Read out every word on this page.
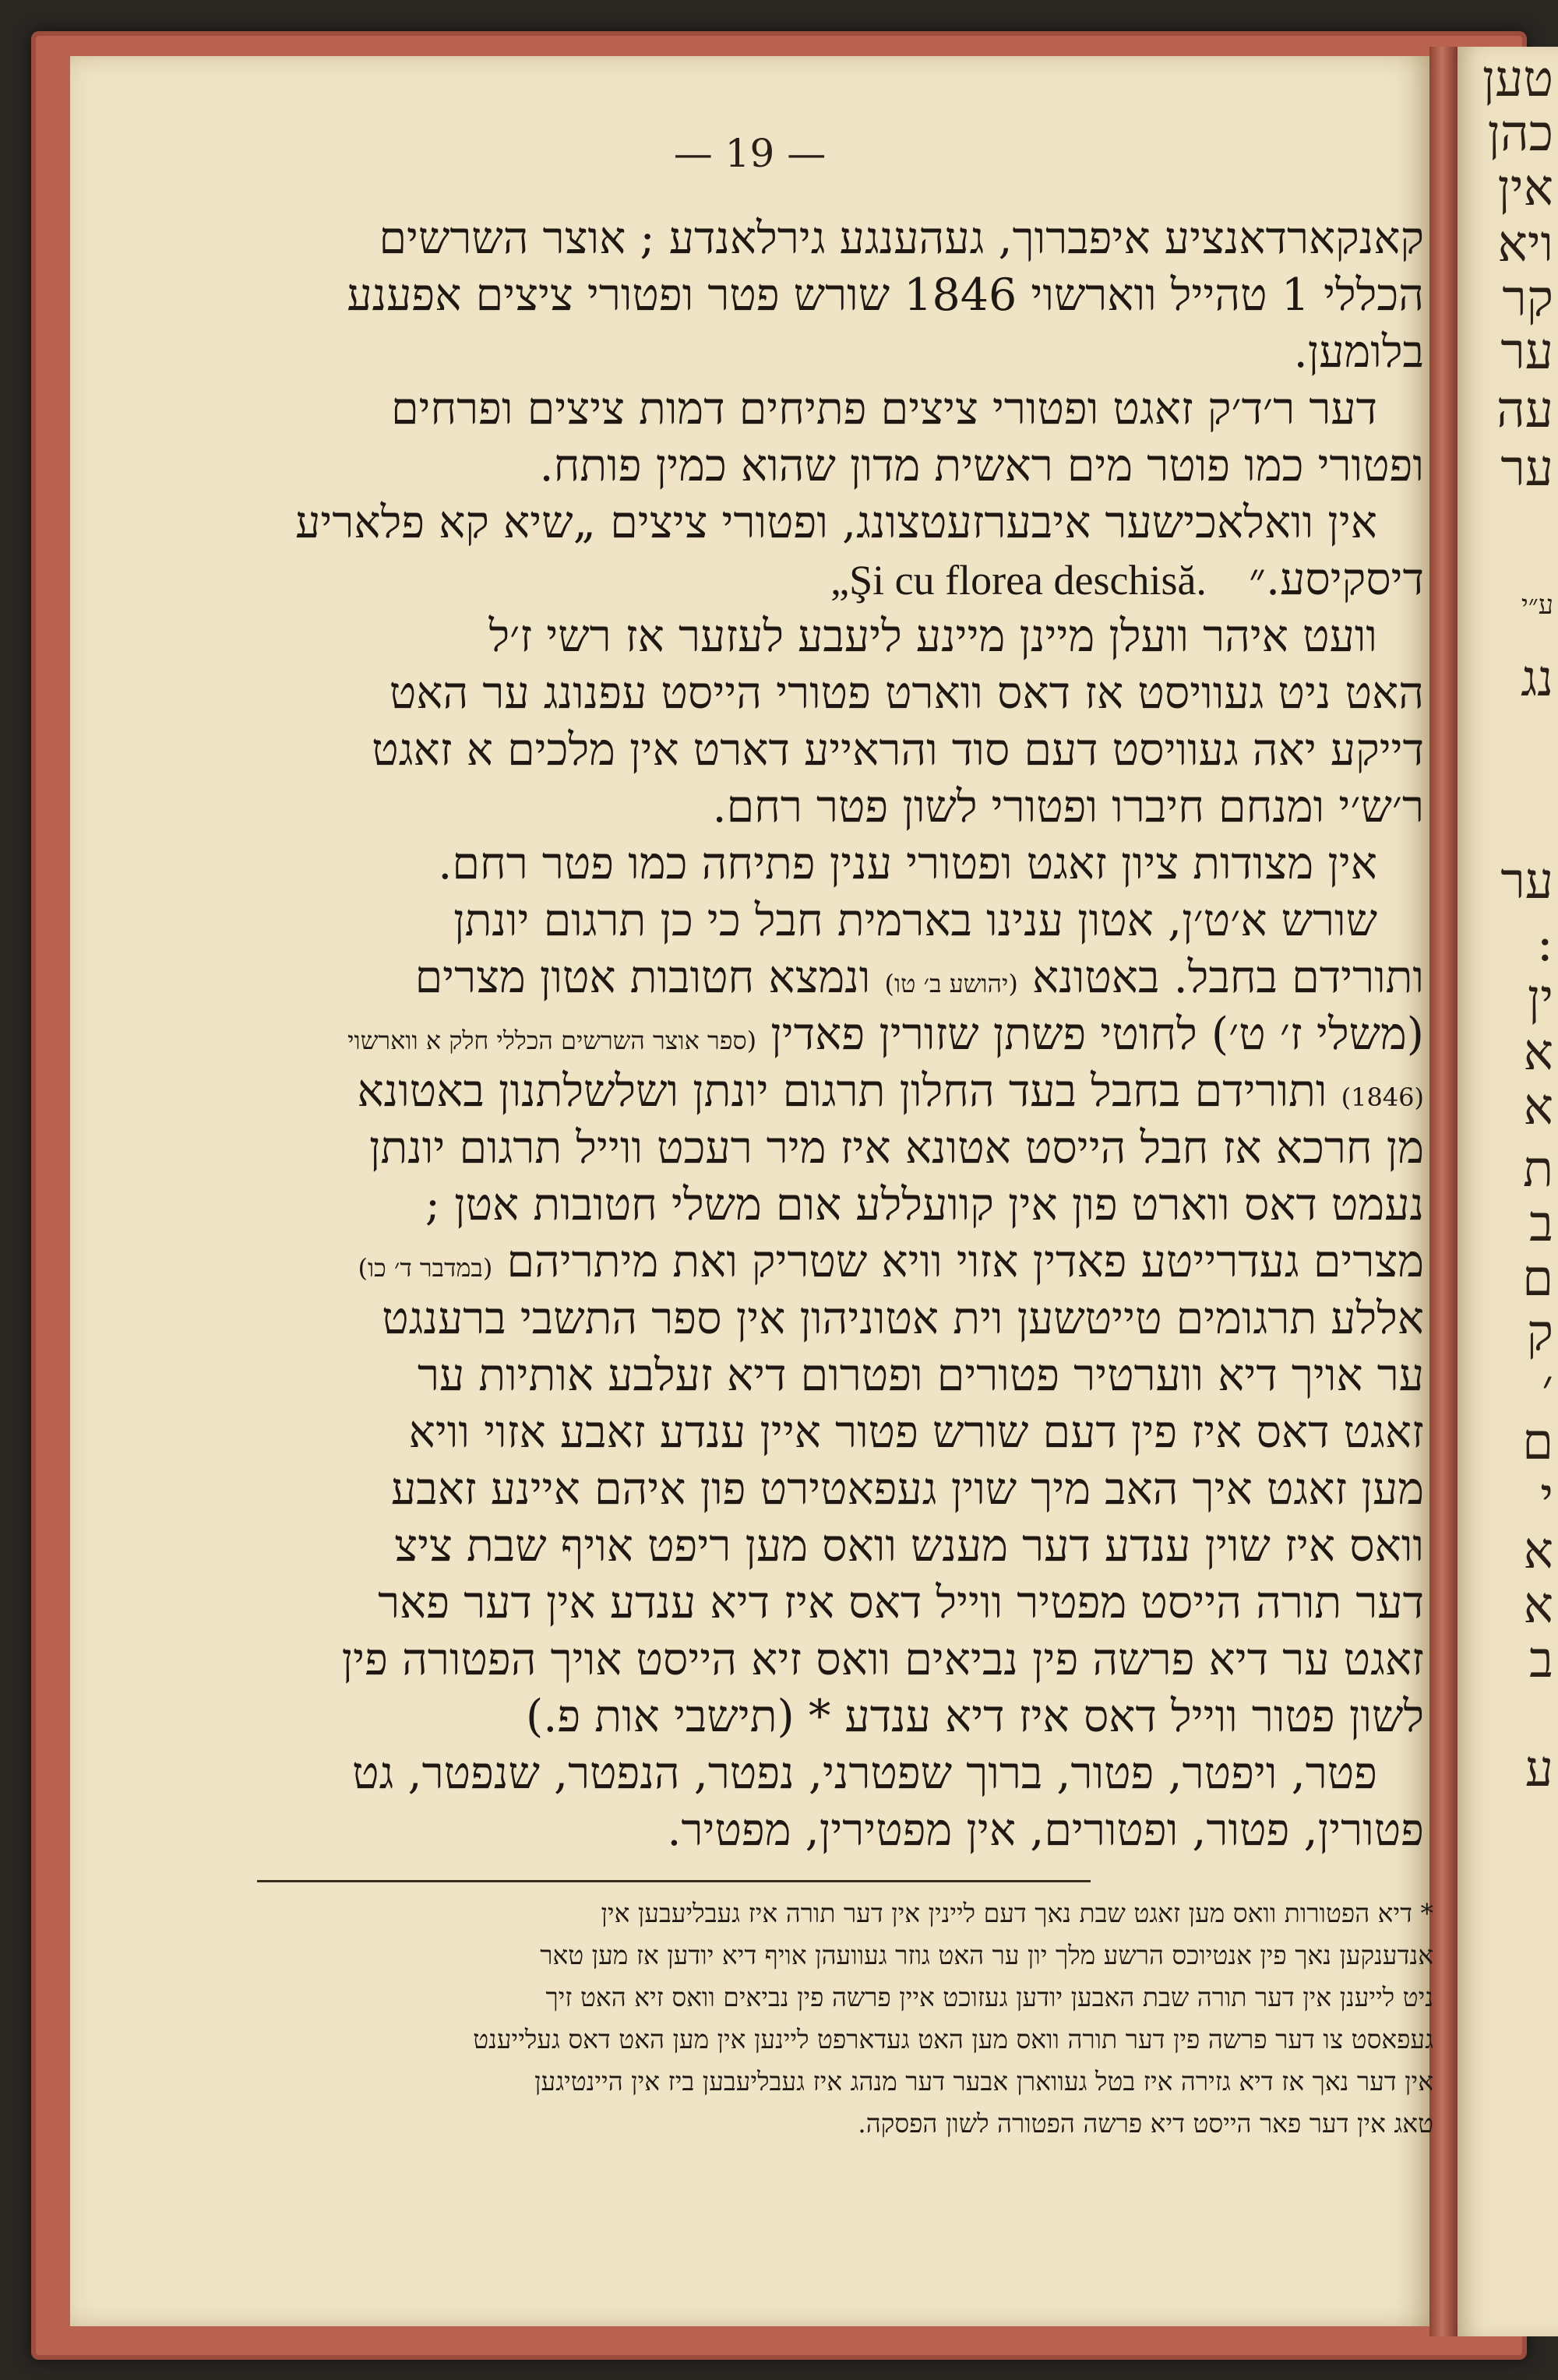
טען
כהן
אין
ויא
קר
ער
עה
ער
ע״י
נג
ער
:
ין
א
א
ת
ב
ם
ק
׳
ם
י
א
א
ב
ע
— 19 —
קאנקארדאנציע איפברוך, געהענגע גירלאנדע ; אוצר השרשים
הכללי 1 טהייל ווארשוי 1846 שורש פטר ופטורי ציצים אפענע
בלומען.
דער ר׳ד׳ק זאגט ופטורי ציצים פתיחים דמות ציצים ופרחים
ופטורי כמו פוטר מים ראשית מדון שהוא כמין פותח.
אין וואלאכישער איבערזעטצונג, ופטורי ציצים „שיא קא פלאריע
דיסקיסע.״   „Şi cu florea deschisă.
וועט איהר וועלן מיינן מיינע ליעבע לעזער אז רשי ז׳ל
האט ניט געוויסט אז דאס ווארט פטורי הייסט עפנונג ער האט
דייקע יאה געוויסט דעם סוד והראייע דארט אין מלכים א זאגט
ר׳ש׳י ומנחם חיברו ופטורי לשון פטר רחם.
אין מצודות ציון זאגט ופטורי ענין פתיחה כמו פטר רחם.
שורש א׳ט׳ן, אטון ענינו בארמית חבל כי כן תרגום יונתן
ותורידם בחבל. באטונא (יהושע ב׳ טו) ונמצא חטובות אטון מצרים
(משלי ז׳ ט׳) לחוטי פשתן שזורין פאדין (ספר אוצר השרשים הכללי חלק א ווארשוי
(1846) ותורידם בחבל בעד החלון תרגום יונתן ושלשלתנון באטונא
מן חרכא אז חבל הייסט אטונא איז מיר רעכט ווייל תרגום יונתן
נעמט דאס ווארט פון אין קוועללע אום משלי חטובות אטן ;
מצרים געדרייטע פאדין אזוי וויא שטריק ואת מיתריהם (במדבר ד׳ כו)
אללע תרגומים טייטשען וית אטוניהון אין ספר התשבי ברענגט
ער אויך דיא ווערטיר פטורים ופטרום דיא זעלבע אותיות ער
זאגט דאס איז פין דעם שורש פטור איין ענדע זאבע אזוי וויא
מען זאגט איך האב מיך שוין געפאטירט פון איהם איינע זאבע
וואס איז שוין ענדע דער מענש וואס מען ריפט אויף שבת ציצ
דער תורה הייסט מפטיר ווייל דאס איז דיא ענדע אין דער פאר
זאגט ער דיא פרשה פין נביאים וואס זיא הייסט אויך הפטורה פין
לשון פטור ווייל דאס איז דיא ענדע * (תישבי אות פ.)
פטר, ויפטר, פטור, ברוך שפטרני, נפטר, הנפטר, שנפטר, גט
פטורין, פטור, ופטורים, אין מפטירין, מפטיר.
* דיא הפטורות וואס מען זאגט שבת נאך דעם ליינין אין דער תורה איז געבליעבען אין
אנדענקען נאך פין אנטיוכס הרשע מלך יון ער האט גוזר געוועהן אויף דיא יודען אז מען טאר
ניט לייענן אין דער תורה שבת האבען יודען געזוכט איין פרשה פין נביאים וואס זיא האט זיך
געפאסט צו דער פרשה פין דער תורה וואס מען האט געדארפט ליינען אין מען האט דאס געלייענט
אין דער נאך אז דיא גזירה איז בטל געווארן אבער דער מנהג איז געבליעבען ביז אין היינטיגען
טאג אין דער פאר הייסט דיא פרשה הפטורה לשון הפסקה.
